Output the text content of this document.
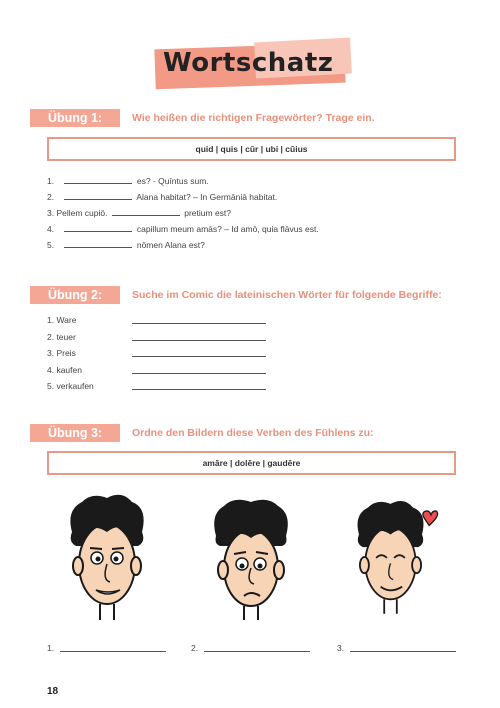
Wortschatz
Übung 1:	Wie heißen die richtigen Fragewörter? Trage ein.
quid | quis | cūr | ubi | cūius
1.	es? - Quīntus sum.
2.	Alana habitat? – In Germāniā habitat.
3. Pellem cupiō.	pretium est?
4.	capillum meum amās? – Id amō, quia flāvus est.
5.	nōmen Alana est?
Übung 2:	Suche im Comic die lateinischen Wörter für folgende Begriffe:
1. Ware
2. teuer
3. Preis
4. kaufen
5. verkaufen
Übung 3:	Ordne den Bildern diese Verben des Fühlens zu:
amāre | dolēre | gaudēre
1.	2.	3.
18
